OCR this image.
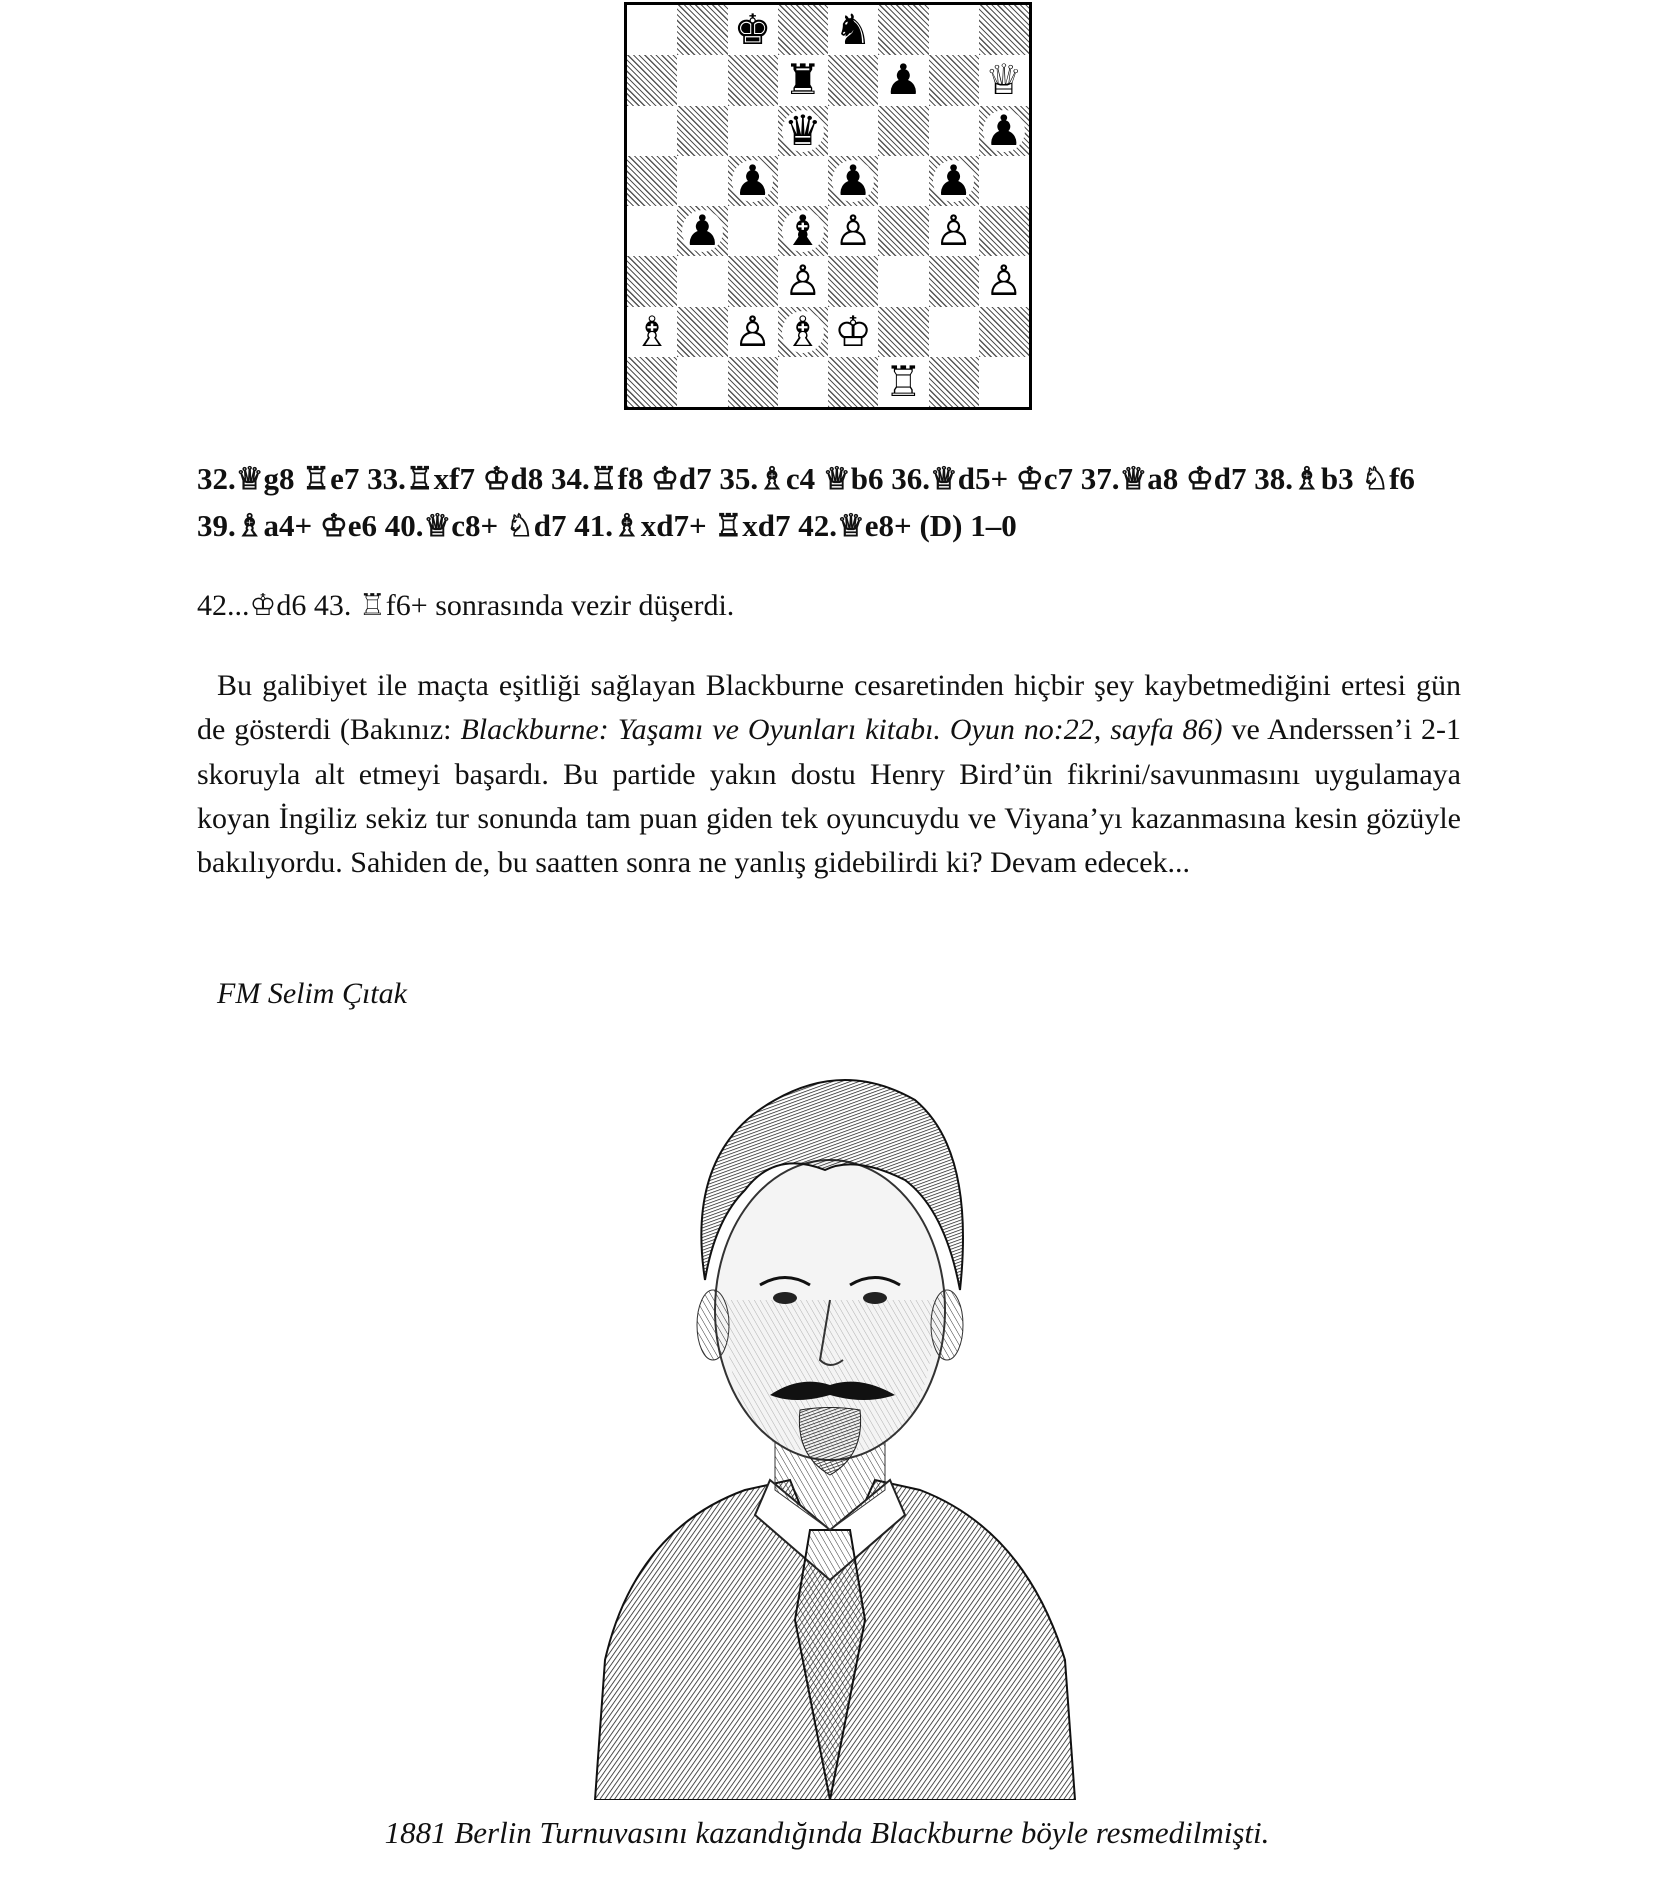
♚ ♞
♜ ♟ ♕
♛	♟
♟ ♟ ♟
♟ ♝ ♙ ♙
♙	♙
♗ ♙ ♗ ♔
♖
32.♕g8 ♖e7 33.♖xf7 ♔d8 34.♖f8 ♔d7 35.♗c4 ♕b6 36.♕d5+ ♔c7 37.♕a8 ♔d7 38.♗b3 ♘f6
39.♗a4+ ♔e6 40.♕c8+ ♘d7 41.♗xd7+ ♖xd7 42.♕e8+ (D) 1–0
42...♔d6 43. ♖f6+ sonrasında vezir düşerdi.
Bu galibiyet ile maçta eşitliği sağlayan Blackburne cesaretinden hiçbir şey kaybetmediğini ertesi gün de gösterdi (Bakınız: Blackburne: Yaşamı ve Oyunları kitabı. Oyun no:22, sayfa 86) ve Anderssen’i 2-1 skoruyla alt etmeyi başardı. Bu partide yakın dostu Henry Bird’ün fikrini/savunmasını uygulamaya koyan İngiliz sekiz tur sonunda tam puan giden tek oyuncuydu ve Viyana’yı kazanmasına kesin gözüyle bakılıyordu. Sahiden de, bu saatten sonra ne yanlış gidebilirdi ki? Devam edecek...
FM Selim Çıtak
1881 Berlin Turnuvasını kazandığında Blackburne böyle resmedilmişti.
